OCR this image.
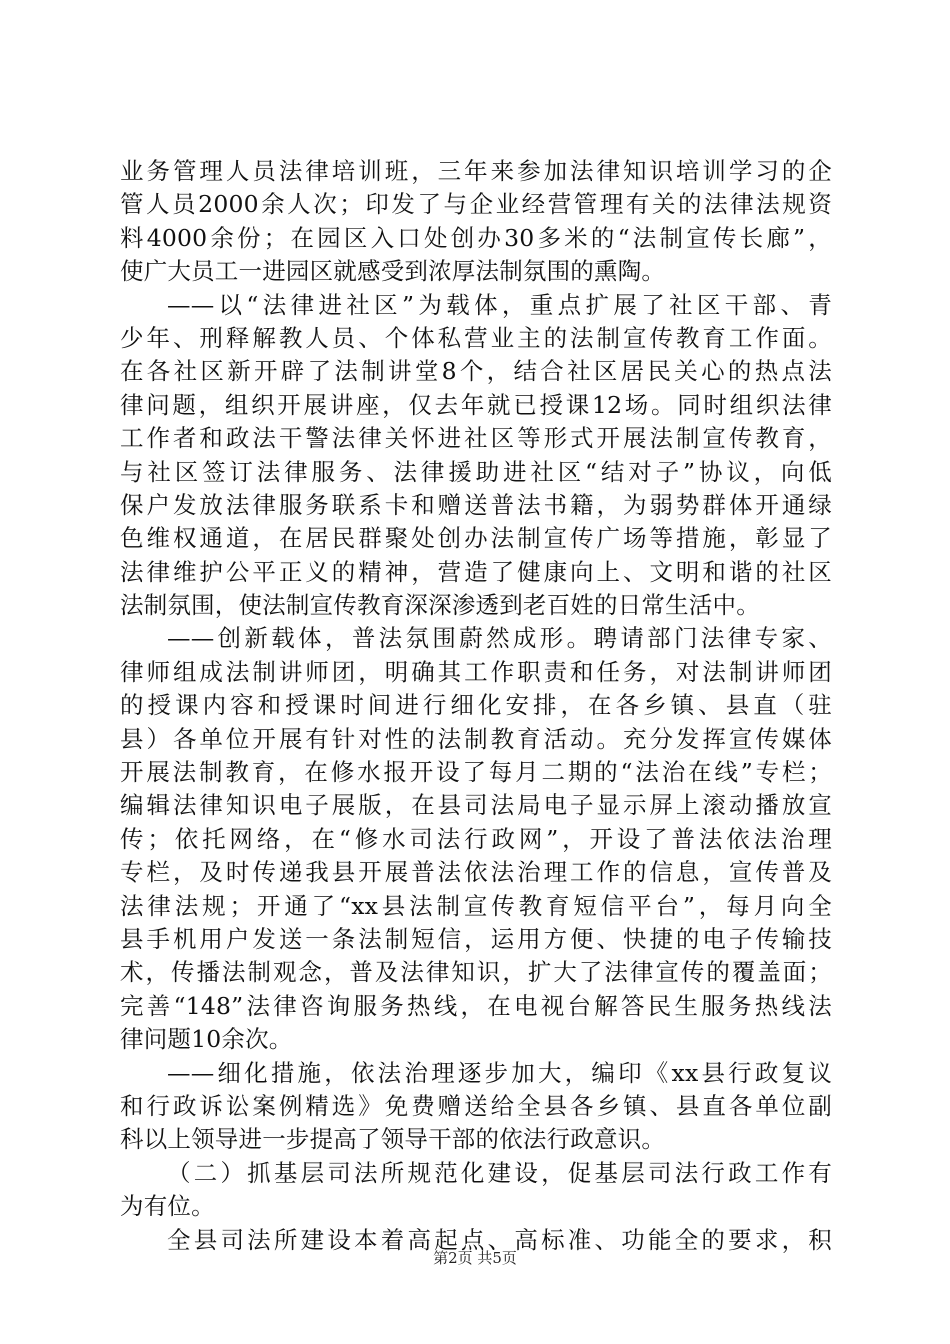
业务管理人员法律培训班，三年来参加法律知识培训学习的企
管人员2000余人次；印发了与企业经营管理有关的法律法规资
料4000余份；在园区入口处创办30多米的“法制宣传长廊”，
使广大员工一进园区就感受到浓厚法制氛围的熏陶。
——以“法律进社区”为载体，重点扩展了社区干部、青
少年、刑释解教人员、个体私营业主的法制宣传教育工作面。
在各社区新开辟了法制讲堂8个，结合社区居民关心的热点法
律问题，组织开展讲座，仅去年就已授课12场。同时组织法律
工作者和政法干警法律关怀进社区等形式开展法制宣传教育，
与社区签订法律服务、法律援助进社区“结对子”协议，向低
保户发放法律服务联系卡和赠送普法书籍，为弱势群体开通绿
色维权通道，在居民群聚处创办法制宣传广场等措施，彰显了
法律维护公平正义的精神，营造了健康向上、文明和谐的社区
法制氛围，使法制宣传教育深深渗透到老百姓的日常生活中。
——创新载体，普法氛围蔚然成形。聘请部门法律专家、
律师组成法制讲师团，明确其工作职责和任务，对法制讲师团
的授课内容和授课时间进行细化安排，在各乡镇、县直（驻
县）各单位开展有针对性的法制教育活动。充分发挥宣传媒体
开展法制教育，在修水报开设了每月二期的“法治在线”专栏；
编辑法律知识电子展版，在县司法局电子显示屏上滚动播放宣
传；依托网络，在“修水司法行政网”，开设了普法依法治理
专栏，及时传递我县开展普法依法治理工作的信息，宣传普及
法律法规；开通了“xx县法制宣传教育短信平台”，每月向全
县手机用户发送一条法制短信，运用方便、快捷的电子传输技
术，传播法制观念，普及法律知识，扩大了法律宣传的覆盖面；
完善“148”法律咨询服务热线，在电视台解答民生服务热线法
律问题10余次。
——细化措施，依法治理逐步加大，编印《xx县行政复议
和行政诉讼案例精选》免费赠送给全县各乡镇、县直各单位副
科以上领导进一步提高了领导干部的依法行政意识。
（二）抓基层司法所规范化建设，促基层司法行政工作有
为有位。
全县司法所建设本着高起点、高标准、功能全的要求，积
第2页 共5页
